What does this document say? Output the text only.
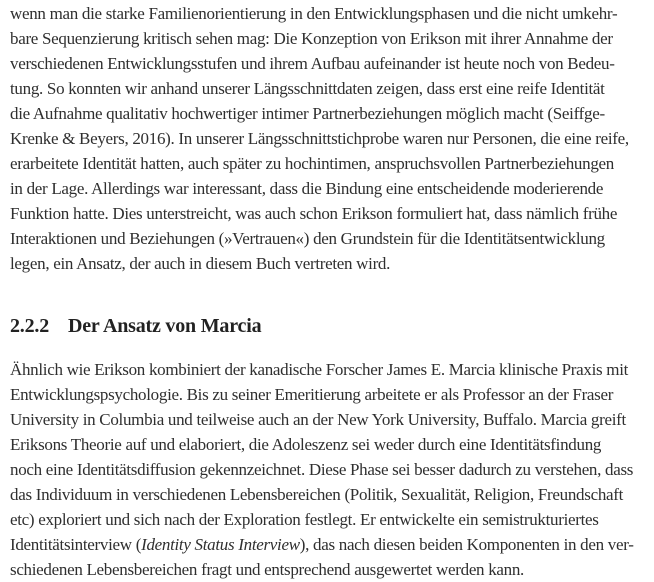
wenn man die starke Familienorientierung in den Entwicklungsphasen und die nicht umkehr-
bare Sequenzierung kritisch sehen mag: Die Konzeption von Erikson mit ihrer Annahme der
verschiedenen Entwicklungsstufen und ihrem Aufbau aufeinander ist heute noch von Bedeu-
tung. So konnten wir anhand unserer Längsschnittdaten zeigen, dass erst eine reife Identität
die Aufnahme qualitativ hochwertiger intimer Partnerbeziehungen möglich macht (Seiffge-
Krenke & Beyers, 2016). In unserer Längsschnittstichprobe waren nur Personen, die eine reife,
erarbeitete Identität hatten, auch später zu hochintimen, anspruchsvollen Partnerbeziehungen
in der Lage. Allerdings war interessant, dass die Bindung eine entscheidende moderierende
Funktion hatte. Dies unterstreicht, was auch schon Erikson formuliert hat, dass nämlich frühe
Interaktionen und Beziehungen (»Vertrauen«) den Grundstein für die Identitätsentwicklung
legen, ein Ansatz, der auch in diesem Buch vertreten wird.
2.2.2 Der Ansatz von Marcia
Ähnlich wie Erikson kombiniert der kanadische Forscher James E. Marcia klinische Praxis mit
Entwicklungspsychologie. Bis zu seiner Emeritierung arbeitete er als Professor an der Fraser
University in Columbia und teilweise auch an der New York University, Buffalo. Marcia greift
Eriksons Theorie auf und elaboriert, die Adoleszenz sei weder durch eine Identitätsfindung
noch eine Identitätsdiffusion gekennzeichnet. Diese Phase sei besser dadurch zu verstehen, dass
das Individuum in verschiedenen Lebensbereichen (Politik, Sexualität, Religion, Freundschaft
etc) exploriert und sich nach der Exploration festlegt. Er entwickelte ein semistrukturiertes
Identitätsinterview (Identity Status Interview), das nach diesen beiden Komponenten in den ver-
schiedenen Lebensbereichen fragt und entsprechend ausgewertet werden kann.
